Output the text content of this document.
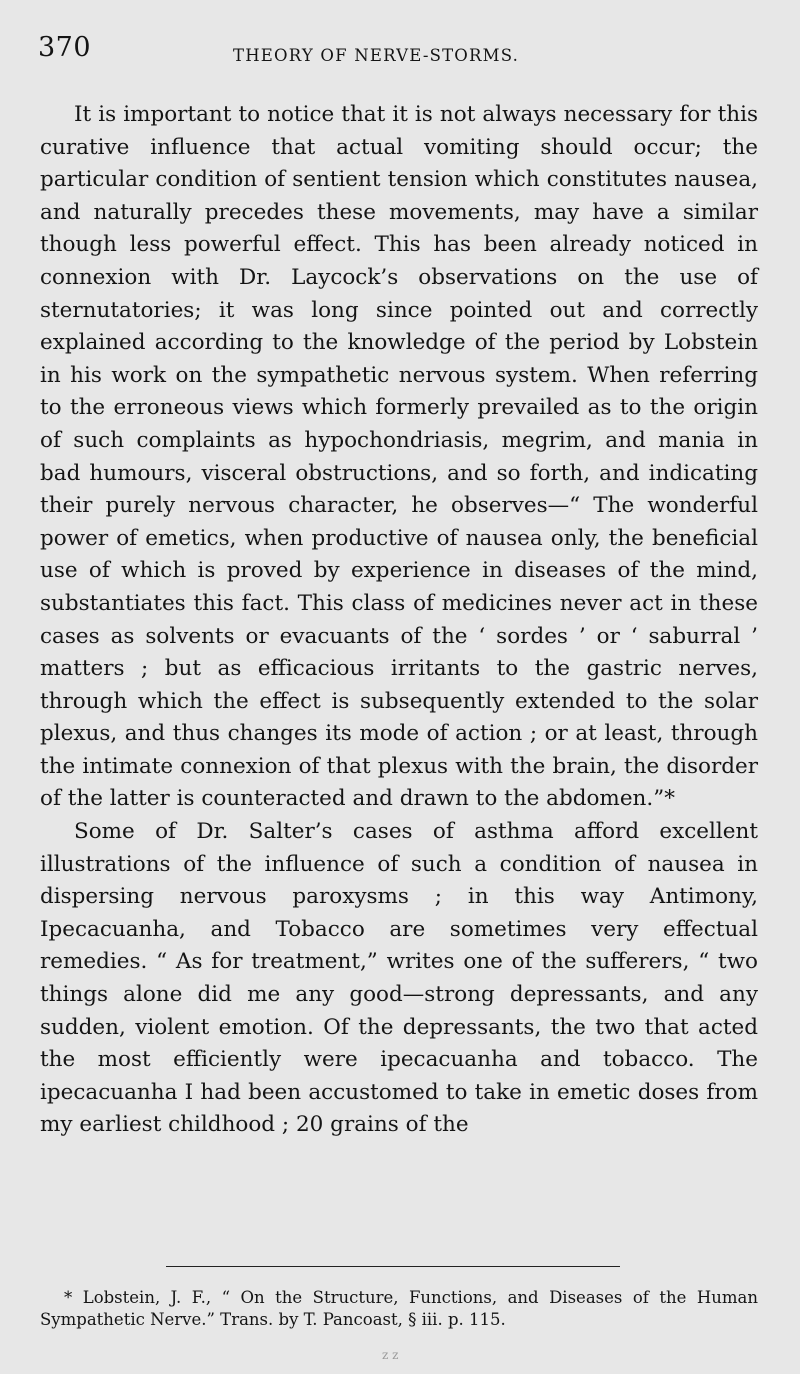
370	THEORY OF NERVE-STORMS.

It is important to notice that it is not always necessary for this curative influence that actual vomiting should occur; the particular condition of sentient tension which constitutes nausea, and naturally precedes these movements, may have a similar though less powerful effect. This has been already noticed in connexion with Dr. Laycock’s observations on the use of sternutatories; it was long since pointed out and correctly explained according to the knowledge of the period by Lobstein in his work on the sympathetic nervous system. When referring to the erroneous views which formerly prevailed as to the origin of such complaints as hypochondriasis, megrim, and mania in bad humours, visceral obstructions, and so forth, and indicating their purely nervous character, he observes—“ The wonderful power of emetics, when productive of nausea only, the beneficial use of which is proved by experience in diseases of the mind, substantiates this fact. This class of medicines never act in these cases as solvents or evacuants of the ‘ sordes ’ or ‘ saburral ’ matters ; but as efficacious irritants to the gastric nerves, through which the effect is subsequently extended to the solar plexus, and thus changes its mode of action ; or at least, through the intimate connexion of that plexus with the brain, the disorder of the latter is counteracted and drawn to the abdomen.”*

Some of Dr. Salter’s cases of asthma afford excellent illustrations of the influence of such a condition of nausea in dispersing nervous paroxysms ; in this way Antimony, Ipecacuanha, and Tobacco are sometimes very effectual remedies. “ As for treatment,” writes one of the sufferers, “ two things alone did me any good—strong depressants, and any sudden, violent emotion. Of the depressants, the two that acted the most efficiently were ipecacuanha and tobacco. The ipecacuanha I had been accustomed to take in emetic doses from my earliest childhood ; 20 grains of the

* Lobstein, J. F., “ On the Structure, Functions, and Diseases of the Human Sympathetic Nerve.” Trans. by T. Pancoast, § iii. p. 115.

z z
